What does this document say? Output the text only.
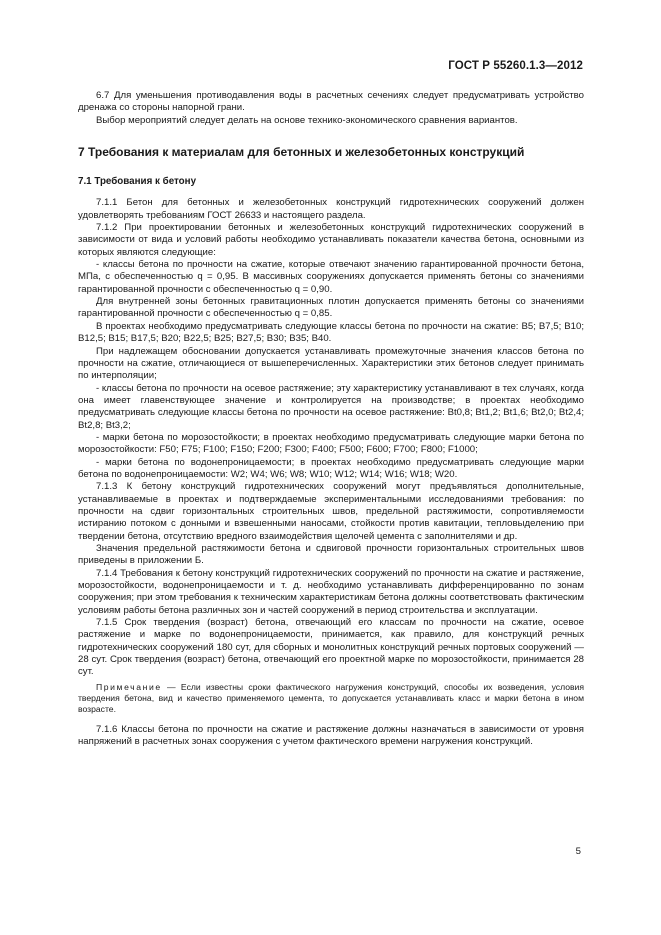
ГОСТ Р 55260.1.3—2012

6.7 Для уменьшения противодавления воды в расчетных сечениях следует предусматривать устройство дренажа со стороны напорной грани.

Выбор мероприятий следует делать на основе технико-экономического сравнения вариантов.

7 Требования к материалам для бетонных и железобетонных конструкций
7.1 Требования к бетону

7.1.1 Бетон для бетонных и железобетонных конструкций гидротехнических сооружений должен удовлетворять требованиям ГОСТ 26633 и настоящего раздела.

7.1.2 При проектировании бетонных и железобетонных конструкций гидротехнических сооружений в зависимости от вида и условий работы необходимо устанавливать показатели качества бетона, основными из которых являются следующие:

- классы бетона по прочности на сжатие, которые отвечают значению гарантированной прочности бетона, МПа, с обеспеченностью q = 0,95. В массивных сооружениях допускается применять бетоны со значениями гарантированной прочности с обеспеченностью q = 0,90.

Для внутренней зоны бетонных гравитационных плотин допускается применять бетоны со значениями гарантированной прочности с обеспеченностью q = 0,85.

В проектах необходимо предусматривать следующие классы бетона по прочности на сжатие: В5; В7,5; В10; В12,5; В15; В17,5; В20; В22,5; В25; В27,5; В30; В35; В40.

При надлежащем обосновании допускается устанавливать промежуточные значения классов бетона по прочности на сжатие, отличающиеся от вышеперечисленных. Характеристики этих бетонов следует принимать по интерполяции;

- классы бетона по прочности на осевое растяжение; эту характеристику устанавливают в тех случаях, когда она имеет главенствующее значение и контролируется на производстве; в проектах необходимо предусматривать следующие классы бетона по прочности на осевое растяжение: Вt0,8; Вt1,2; Вt1,6; Вt2,0; Вt2,4; Вt2,8; Вt3,2;

- марки бетона по морозостойкости; в проектах необходимо предусматривать следующие марки бетона по морозостойкости: F50; F75; F100; F150; F200; F300; F400; F500; F600; F700; F800; F1000;

- марки бетона по водонепроницаемости; в проектах необходимо предусматривать следующие марки бетона по водонепроницаемости: W2; W4; W6; W8; W10; W12; W14; W16; W18; W20.

7.1.3 К бетону конструкций гидротехнических сооружений могут предъявляться дополнительные, устанавливаемые в проектах и подтверждаемые экспериментальными исследованиями требования: по прочности на сдвиг горизонтальных строительных швов, предельной растяжимости, сопротивляемости истиранию потоком с донными и взвешенными наносами, стойкости против кавитации, тепловыделению при твердении бетона, отсутствию вредного взаимодействия щелочей цемента с заполнителями и др.

Значения предельной растяжимости бетона и сдвиговой прочности горизонтальных строительных швов приведены в приложении Б.

7.1.4 Требования к бетону конструкций гидротехнических сооружений по прочности на сжатие и растяжение, морозостойкости, водонепроницаемости и т. д. необходимо устанавливать дифференцированно по зонам сооружения; при этом требования к техническим характеристикам бетона должны соответствовать фактическим условиям работы бетона различных зон и частей сооружений в период строительства и эксплуатации.

7.1.5 Срок твердения (возраст) бетона, отвечающий его классам по прочности на сжатие, осевое растяжение и марке по водонепроницаемости, принимается, как правило, для конструкций речных гидротехнических сооружений 180 сут, для сборных и монолитных конструкций речных портовых сооружений — 28 сут. Срок твердения (возраст) бетона, отвечающий его проектной марке по морозостойкости, принимается 28 сут.

Примечание — Если известны сроки фактического нагружения конструкций, способы их возведения, условия твердения бетона, вид и качество применяемого цемента, то допускается устанавливать класс и марки бетона в ином возрасте.

7.1.6 Классы бетона по прочности на сжатие и растяжение должны назначаться в зависимости от уровня напряжений в расчетных зонах сооружения с учетом фактического времени нагружения конструкций.

5
